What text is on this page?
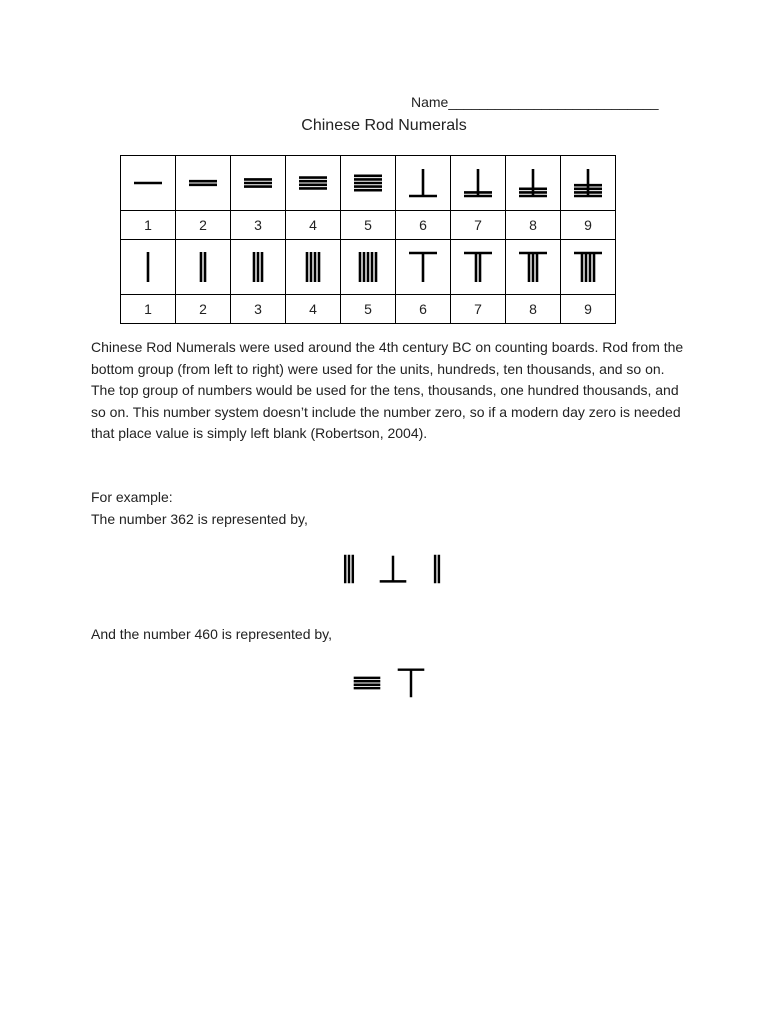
Name___________________________
Chinese Rod Numerals

1	2	3	4	5	6	7	8	9

1	2	3	4	5	6	7	8	9

Chinese Rod Numerals were used around the 4th century BC on counting boards. Rod from the bottom group (from left to right) were used for the units, hundreds, ten thousands, and so on. The top group of numbers would be used for the tens, thousands, one hundred thousands, and so on. This number system doesn’t include the number zero, so if a modern day zero is needed that place value is simply left blank (Robertson, 2004).

For example:

The number 362 is represented by,

And the number 460 is represented by,
